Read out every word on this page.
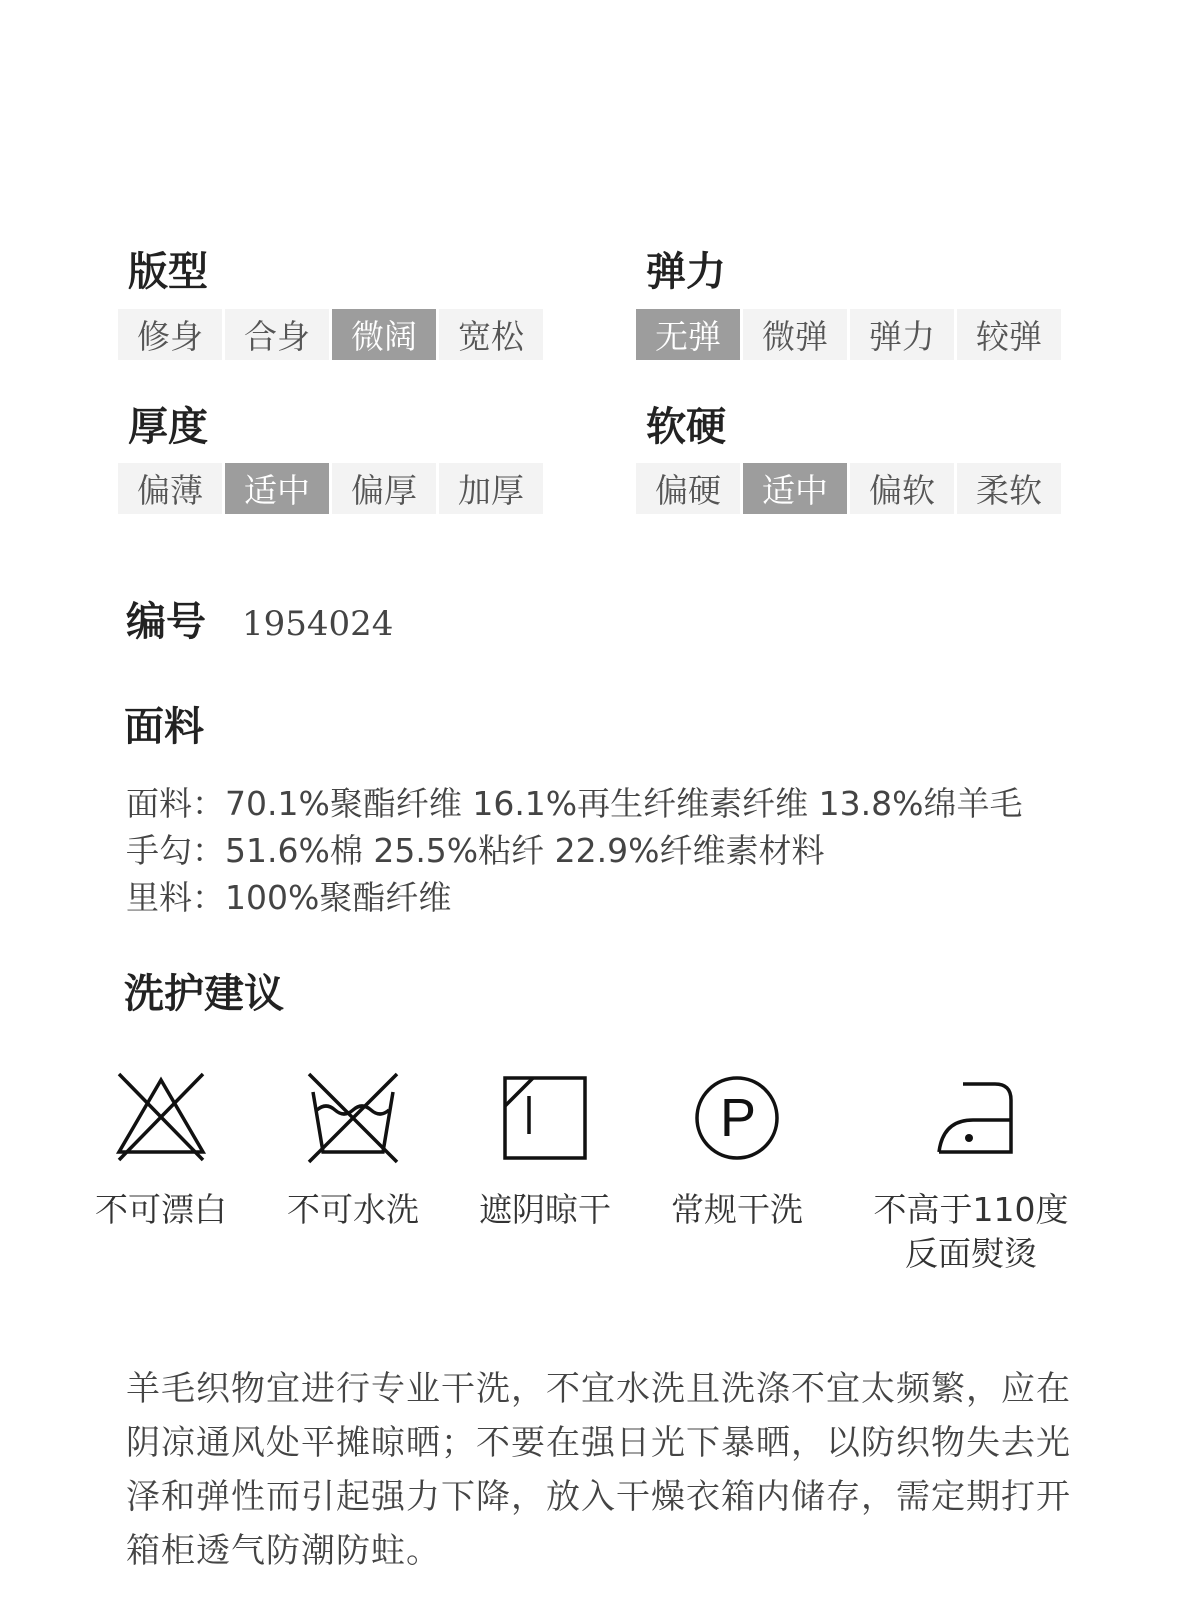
版型
修身	合身	微阔	宽松
弹力
无弹	微弹	弹力	较弹
厚度
偏薄	适中	偏厚	加厚
软硬
偏硬	适中	偏软	柔软
编号 1954024
面料
面料：70.1%聚酯纤维 16.1%再生纤维素纤维 13.8%绵羊毛
手勾：51.6%棉 25.5%粘纤 22.9%纤维素材料
里料：100%聚酯纤维
洗护建议
不可漂白	不可水洗	遮阴晾干
P
常规干洗	不高于110度
反面熨烫
羊毛织物宜进行专业干洗，不宜水洗且洗涤不宜太频繁，应在阴凉通风处平摊晾晒；不要在强日光下暴晒，以防织物失去光泽和弹性而引起强力下降，放入干燥衣箱内储存，需定期打开箱柜透气防潮防蛀。
